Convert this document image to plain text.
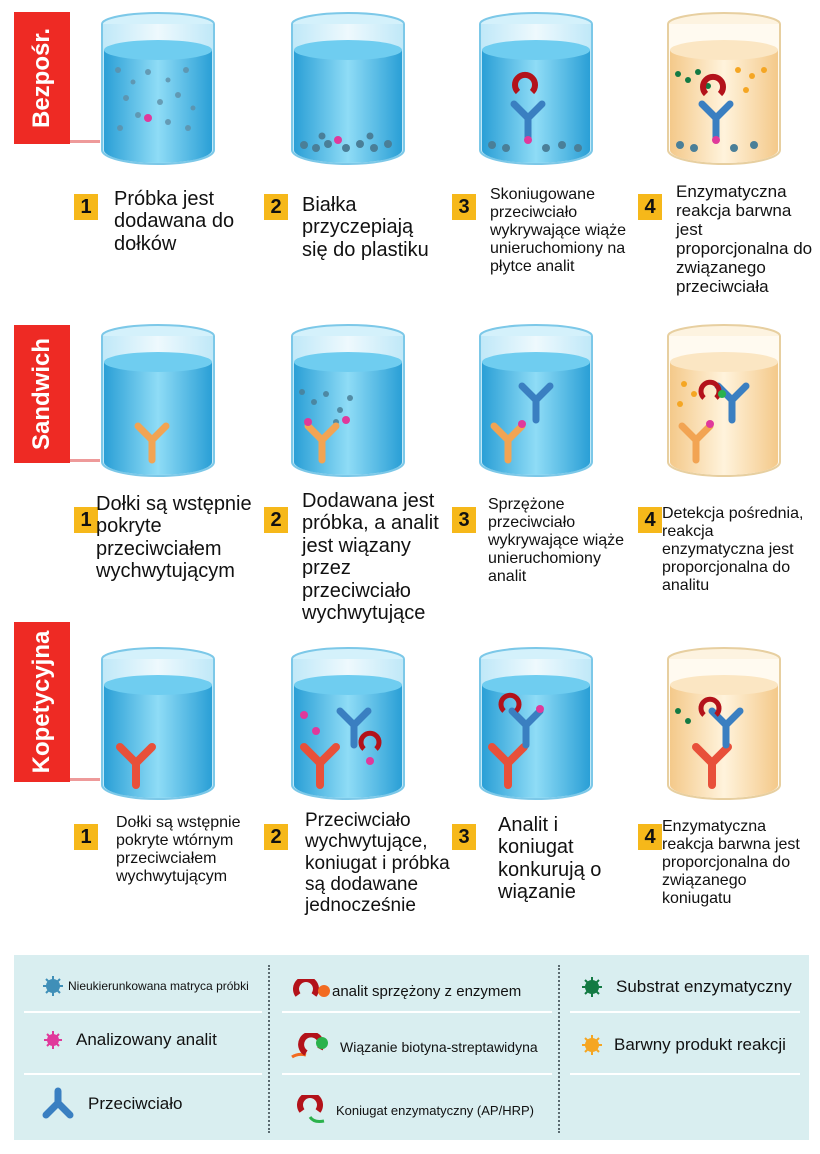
Bezpośr.
Sandwich
Kopetycyjna
1	Próbka jest dodawana do dołków
2	Białka przyczepiają się do plastiku
3
Skoniugowane przeciwciało wykrywające wiąże unieruchomiony na płytce analit
4
Enzymatyczna reakcja barwna jest proporcjonalna do związanego przeciwciała
1
Dołki są wstępnie pokryte przeciwciałem wychwytującym
2
Dodawana jest próbka, a analit jest wiązany przez przeciwciało wychwytujące
3
Sprzężone przeciwciało wykrywające wiąże unieruchomiony analit
4 Detekcja pośrednia, reakcja enzymatyczna jest proporcjonalna do analitu
1
Dołki są wstępnie pokryte wtórnym przeciwciałem wychwytującym
2
Przeciwciało wychwytujące, koniugat i próbka są dodawane jednocześnie
3
Analit i koniugat konkurują o wiązanie
4 Enzymatyczna reakcja barwna jest proporcjonalna do związanego koniugatu
Nieukierunkowana matryca próbki
Analizowany analit
Przeciwciało
analit sprzężony z enzymem
Wiązanie biotyna-streptawidyna
Koniugat enzymatyczny (AP/HRP)
Substrat enzymatyczny
Barwny produkt reakcji
